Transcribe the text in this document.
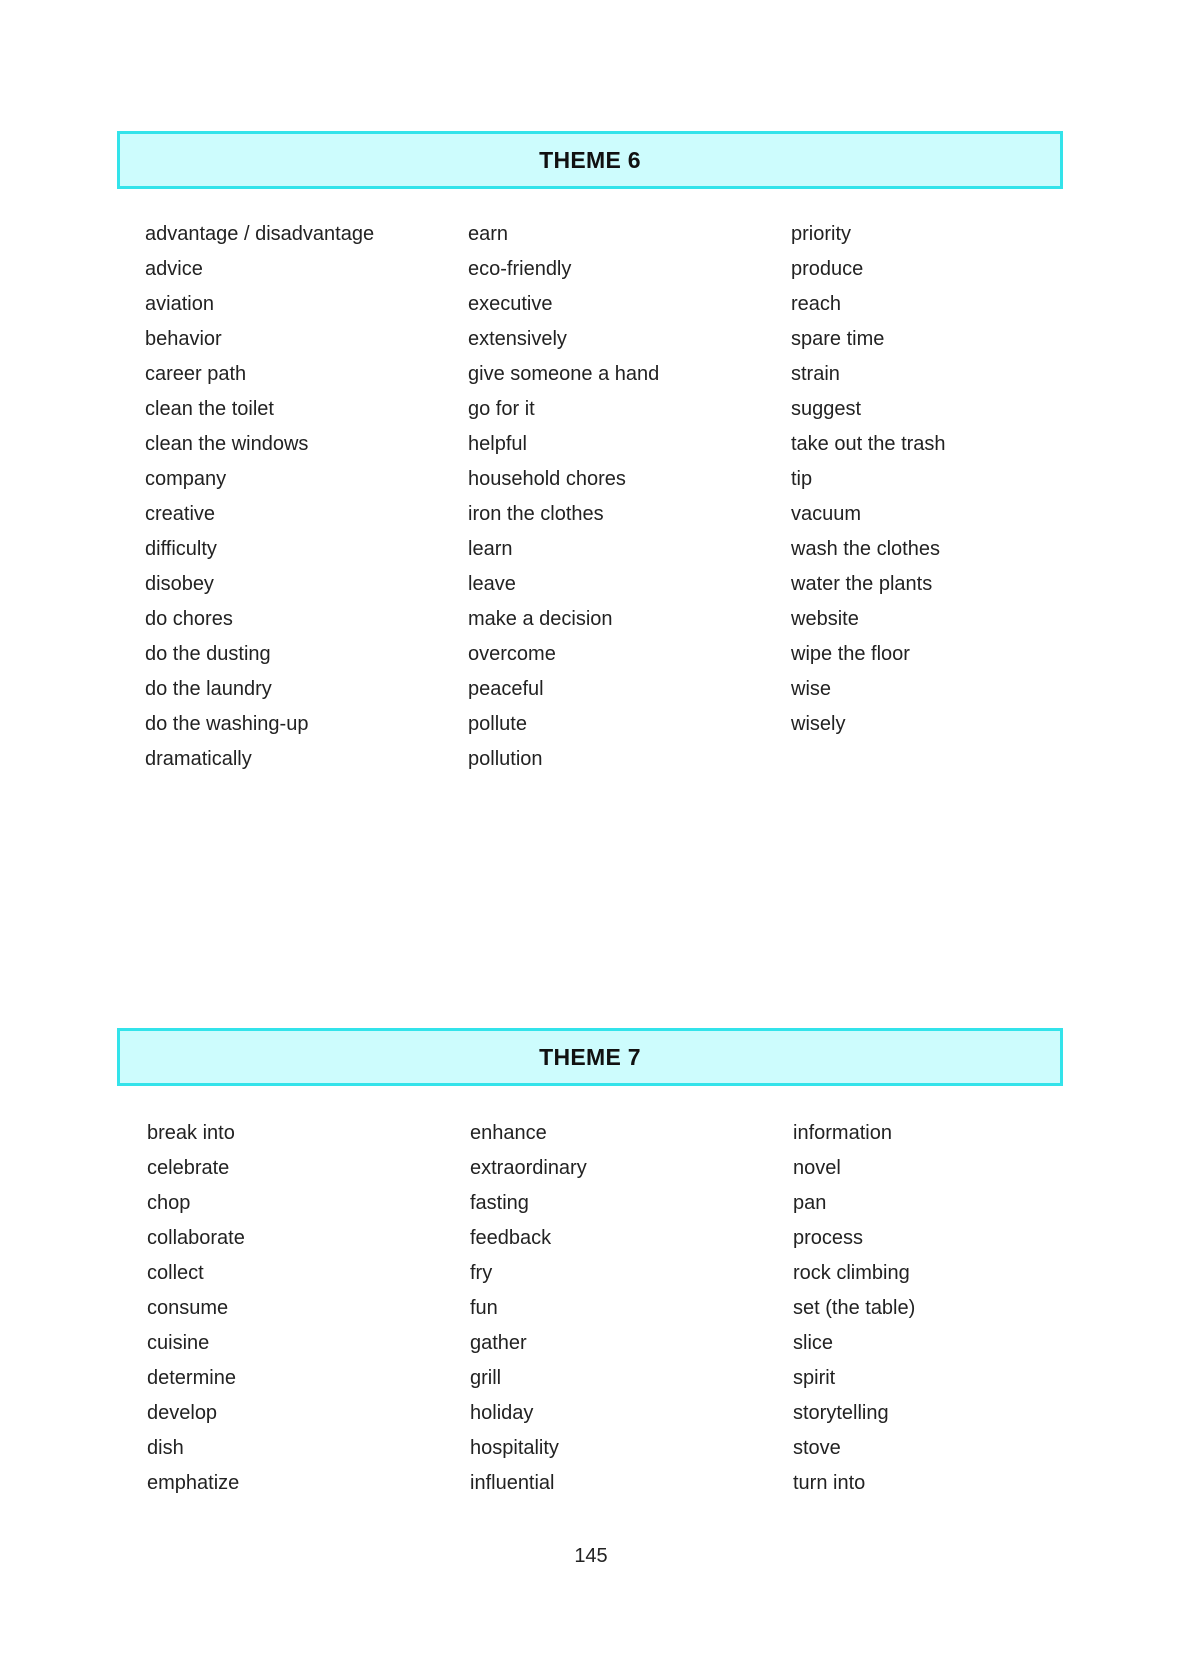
THEME 6
advantage / disadvantage
advice
aviation
behavior
career path
clean the toilet
clean the windows
company
creative
difficulty
disobey
do chores
do the dusting
do the laundry
do the washing-up
dramatically
earn
eco-friendly
executive
extensively
give someone a hand
go for it
helpful
household chores
iron the clothes
learn
leave
make a decision
overcome
peaceful
pollute
pollution
priority
produce
reach
spare time
strain
suggest
take out the trash
tip
vacuum
wash the clothes
water the plants
website
wipe the floor
wise
wisely
THEME 7
break into
celebrate
chop
collaborate
collect
consume
cuisine
determine
develop
dish
emphatize
enhance
extraordinary
fasting
feedback
fry
fun
gather
grill
holiday
hospitality
influential
information
novel
pan
process
rock climbing
set (the table)
slice
spirit
storytelling
stove
turn into
145
